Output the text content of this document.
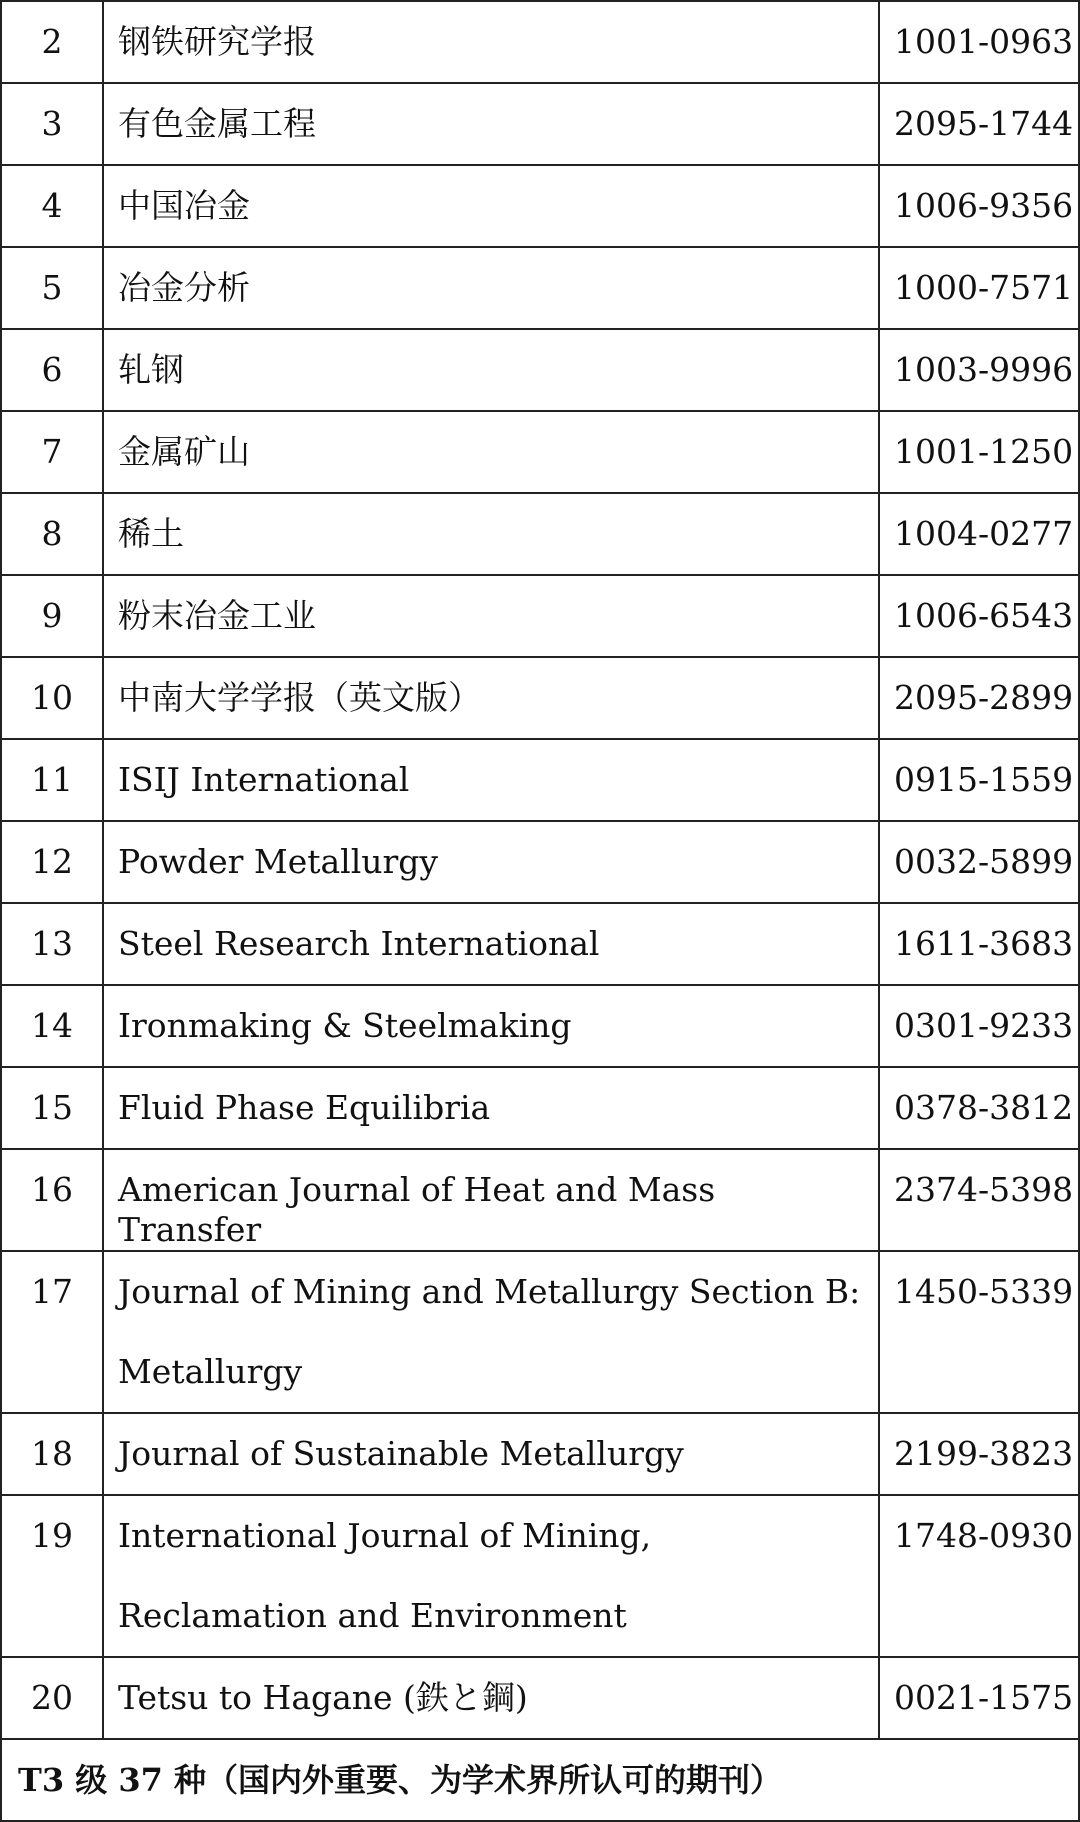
2	钢铁研究学报	1001-0963
3	有色金属工程	2095-1744
4	中国冶金	1006-9356
5	冶金分析	1000-7571
6	轧钢	1003-9996
7	金属矿山	1001-1250
8	稀土	1004-0277
9	粉末冶金工业	1006-6543
10	中南大学学报（英文版）	2095-2899
11	ISIJ International	0915-1559
12	Powder Metallurgy	0032-5899
13	Steel Research International	1611-3683
14	Ironmaking & Steelmaking	0301-9233
15	Fluid Phase Equilibria	0378-3812
16	American Journal of Heat and Mass Transfer	2374-5398
17	Journal of Mining and Metallurgy Section B: Metallurgy	1450-5339
18	Journal of Sustainable Metallurgy	2199-3823
19	International Journal of Mining, Reclamation and Environment	1748-0930
20	Tetsu to Hagane (鉄と鋼)	0021-1575
T3 级 37 种（国内外重要、为学术界所认可的期刊）		
